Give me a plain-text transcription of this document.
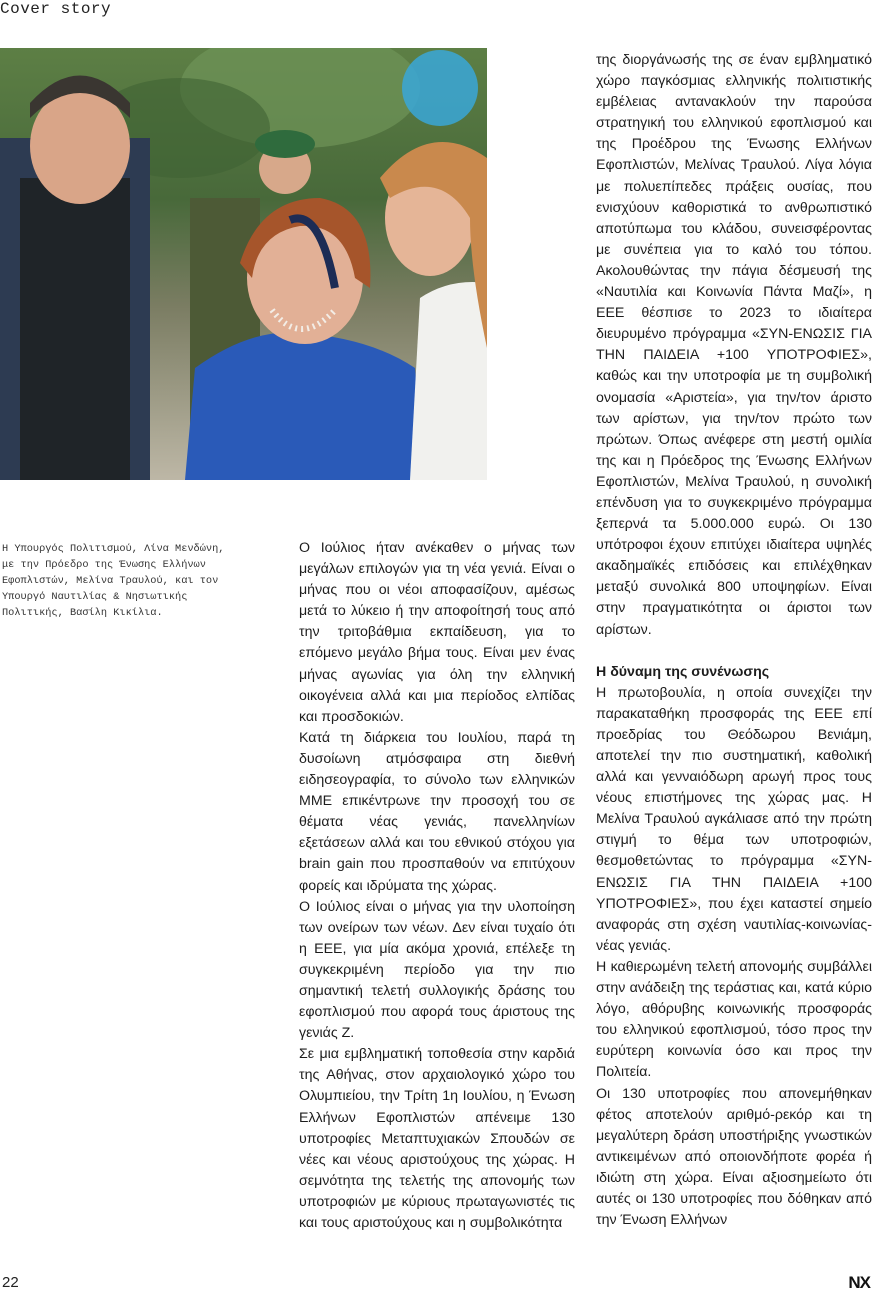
Cover story

Η Υπουργός Πολιτισμού, Λίνα Μενδώνη, με την Πρόεδρο της Ένωσης Ελλήνων Εφοπλιστών, Μελίνα Τραυλού, και τον Υπουργό Ναυτιλίας & Νησιωτικής Πολιτικής, Βασίλη Κικίλια.

Ο Ιούλιος ήταν ανέκαθεν ο μήνας των μεγάλων επιλογών για τη νέα γενιά. Είναι ο μήνας που οι νέοι αποφασίζουν, αμέσως μετά το λύκειο ή την αποφοίτησή τους από την τριτοβάθμια εκπαίδευση, για το επόμενο μεγάλο βήμα τους. Είναι μεν ένας μήνας αγωνίας για όλη την ελληνική οικογένεια αλλά και μια περίοδος ελπίδας και προσδοκιών.

Κατά τη διάρκεια του Ιουλίου, παρά τη δυσοίωνη ατμόσφαιρα στη διεθνή ειδησεογραφία, το σύνολο των ελληνικών ΜΜΕ επικέντρωνε την προσοχή του σε θέματα νέας γενιάς, πανελληνίων εξετάσεων αλλά και του εθνικού στόχου για brain gain που προσπαθούν να επιτύχουν φορείς και ιδρύματα της χώρας.

Ο Ιούλιος είναι ο μήνας για την υλοποίηση των ονείρων των νέων. Δεν είναι τυχαίο ότι η ΕΕΕ, για μία ακόμα χρονιά, επέλεξε τη συγκεκριμένη περίοδο για την πιο σημαντική τελετή συλλογικής δράσης του εφοπλισμού που αφορά τους άριστους της γενιάς Ζ.

Σε μια εμβληματική τοποθεσία στην καρδιά της Αθήνας, στον αρχαιολογικό χώρο του Ολυμπιείου, την Τρίτη 1η Ιουλίου, η Ένωση Ελλήνων Εφοπλιστών απένειμε 130 υποτροφίες Μεταπτυχιακών Σπουδών σε νέες και νέους αριστούχους της χώρας. Η σεμνότητα της τελετής της απονομής των υποτροφιών με κύριους πρωταγωνιστές τις και τους αριστούχους και η συμβολικότητα

της διοργάνωσής της σε έναν εμβληματικό χώρο παγκόσμιας ελληνικής πολιτιστικής εμβέλειας αντανακλούν την παρούσα στρατηγική του ελληνικού εφοπλισμού και της Προέδρου της Ένωσης Ελλήνων Εφοπλιστών, Μελίνας Τραυλού. Λίγα λόγια με πολυεπίπεδες πράξεις ουσίας, που ενισχύουν καθοριστικά το ανθρωπιστικό αποτύπωμα του κλάδου, συνεισφέροντας με συνέπεια για το καλό του τόπου. Ακολουθώντας την πάγια δέσμευσή της «Ναυτιλία και Κοινωνία Πάντα Μαζί», η ΕΕΕ θέσπισε το 2023 το ιδιαίτερα διευρυμένο πρόγραμμα «ΣΥΝ-ΕΝΩΣΙΣ ΓΙΑ ΤΗΝ ΠΑΙΔΕΙΑ +100 ΥΠΟΤΡΟΦΙΕΣ», καθώς και την υποτροφία με τη συμβολική ονομασία «Αριστεία», για την/τον άριστο των αρίστων, για την/τον πρώτο των πρώτων. Όπως ανέφερε στη μεστή ομιλία της και η Πρόεδρος της Ένωσης Ελλήνων Εφοπλιστών, Μελίνα Τραυλού, η συνολική επένδυση για το συγκεκριμένο πρόγραμμα ξεπερνά τα 5.000.000 ευρώ. Οι 130 υπότροφοι έχουν επιτύχει ιδιαίτερα υψηλές ακαδημαϊκές επιδόσεις και επιλέχθηκαν μεταξύ συνολικά 800 υποψηφίων. Είναι στην πραγματικότητα οι άριστοι των αρίστων.

Η δύναμη της συνένωσης

Η πρωτοβουλία, η οποία συνεχίζει την παρακαταθήκη προσφοράς της ΕΕΕ επί προεδρίας του Θεόδωρου Βενιάμη, αποτελεί την πιο συστηματική, καθολική αλλά και γενναιόδωρη αρωγή προς τους νέους επιστήμονες της χώρας μας. Η Μελίνα Τραυλού αγκάλιασε από την πρώτη στιγμή το θέμα των υποτροφιών, θεσμοθετώντας το πρόγραμμα «ΣΥΝ-ΕΝΩΣΙΣ ΓΙΑ ΤΗΝ ΠΑΙΔΕΙΑ +100 ΥΠΟΤΡΟΦΙΕΣ», που έχει καταστεί σημείο αναφοράς στη σχέση ναυτιλίας-κοινωνίας-νέας γενιάς.

Η καθιερωμένη τελετή απονομής συμβάλλει στην ανάδειξη της τεράστιας και, κατά κύριο λόγο, αθόρυβης κοινωνικής προσφοράς του ελληνικού εφοπλισμού, τόσο προς την ευρύτερη κοινωνία όσο και προς την Πολιτεία.

Οι 130 υποτροφίες που απονεμήθηκαν φέτος αποτελούν αριθμό-ρεκόρ και τη μεγαλύτερη δράση υποστήριξης γνωστικών αντικειμένων από οποιονδήποτε φορέα ή ιδιώτη στη χώρα. Είναι αξιοσημείωτο ότι αυτές οι 130 υποτροφίες που δόθηκαν από την Ένωση Ελλήνων

22	NX
